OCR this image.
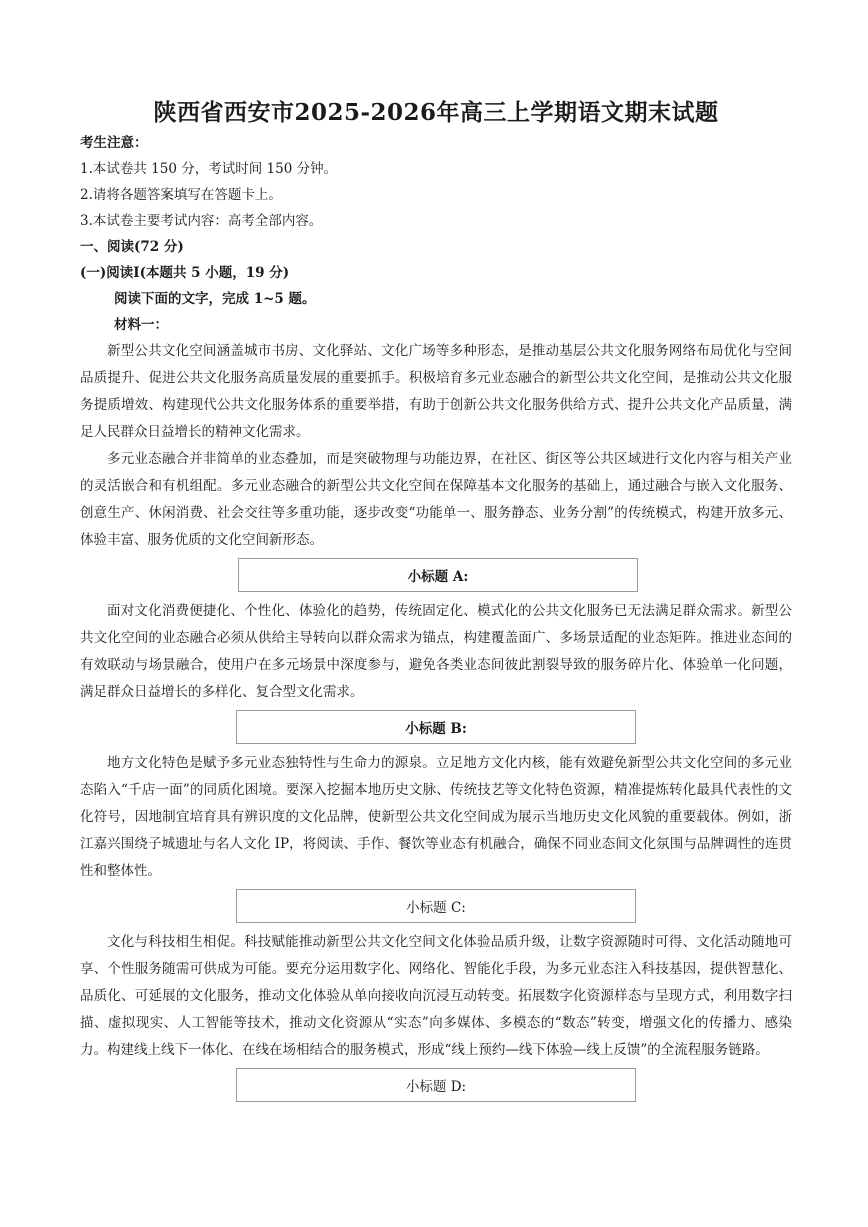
陕西省西安市2025-2026年高三上学期语文期末试题

考生注意：

1.本试卷共 150 分，考试时间 150 分钟。

2.请将各题答案填写在答题卡上。

3.本试卷主要考试内容：高考全部内容。

一、阅读(72 分)

(一)阅读Ⅰ(本题共 5 小题，19 分)

阅读下面的文字，完成 1~5 题。

材料一：

新型公共文化空间涵盖城市书房、文化驿站、文化广场等多种形态，是推动基层公共文化服务网络布局优化与空间品质提升、促进公共文化服务高质量发展的重要抓手。积极培育多元业态融合的新型公共文化空间，是推动公共文化服务提质增效、构建现代公共文化服务体系的重要举措，有助于创新公共文化服务供给方式、提升公共文化产品质量，满足人民群众日益增长的精神文化需求。

多元业态融合并非简单的业态叠加，而是突破物理与功能边界，在社区、街区等公共区域进行文化内容与相关产业的灵活嵌合和有机组配。多元业态融合的新型公共文化空间在保障基本文化服务的基础上，通过融合与嵌入文化服务、创意生产、休闲消费、社会交往等多重功能，逐步改变“功能单一、服务静态、业务分割”的传统模式，构建开放多元、体验丰富、服务优质的文化空间新形态。

小标题 A:

面对文化消费便捷化、个性化、体验化的趋势，传统固定化、模式化的公共文化服务已无法满足群众需求。新型公共文化空间的业态融合必须从供给主导转向以群众需求为锚点，构建覆盖面广、多场景适配的业态矩阵。推进业态间的有效联动与场景融合，使用户在多元场景中深度参与，避免各类业态间彼此割裂导致的服务碎片化、体验单一化问题，满足群众日益增长的多样化、复合型文化需求。

小标题 B:

地方文化特色是赋予多元业态独特性与生命力的源泉。立足地方文化内核，能有效避免新型公共文化空间的多元业态陷入“千店一面”的同质化困境。要深入挖掘本地历史文脉、传统技艺等文化特色资源，精准提炼转化最具代表性的文化符号，因地制宜培育具有辨识度的文化品牌，使新型公共文化空间成为展示当地历史文化风貌的重要载体。例如，浙江嘉兴围绕子城遗址与名人文化 IP，将阅读、手作、餐饮等业态有机融合，确保不同业态间文化氛围与品牌调性的连贯性和整体性。

小标题 C:

文化与科技相生相促。科技赋能推动新型公共文化空间文化体验品质升级，让数字资源随时可得、文化活动随地可享、个性服务随需可供成为可能。要充分运用数字化、网络化、智能化手段，为多元业态注入科技基因，提供智慧化、品质化、可延展的文化服务，推动文化体验从单向接收向沉浸互动转变。拓展数字化资源样态与呈现方式，利用数字扫描、虚拟现实、人工智能等技术，推动文化资源从“实态”向多媒体、多模态的“数态”转变，增强文化的传播力、感染力。构建线上线下一体化、在线在场相结合的服务模式，形成“线上预约—线下体验—线上反馈”的全流程服务链路。

小标题 D:
